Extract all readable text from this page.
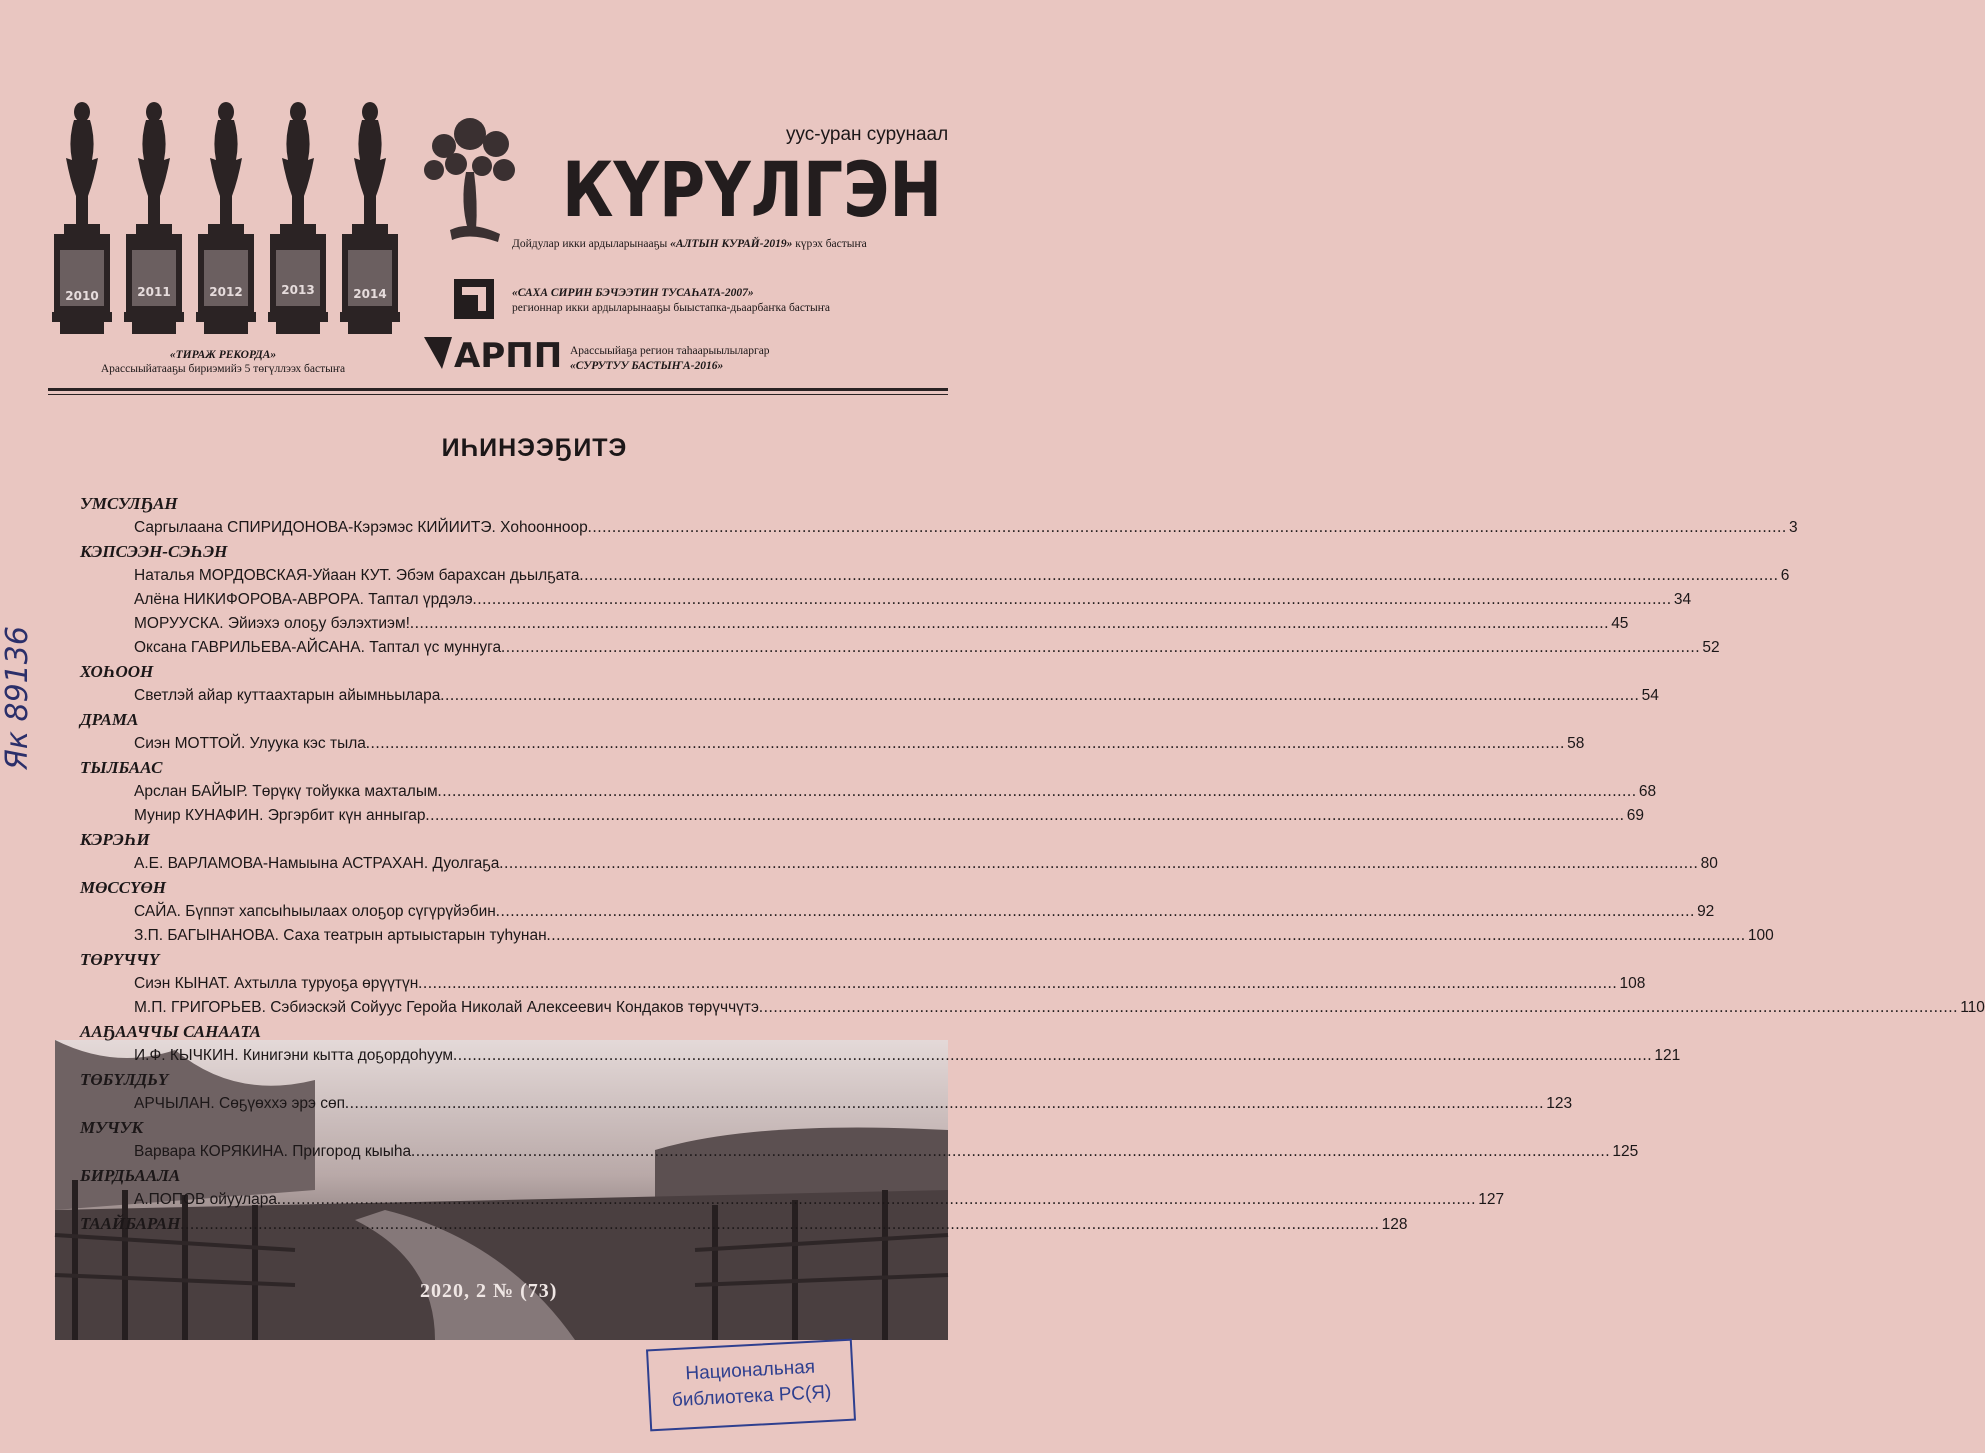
2010	2011	2012	2013	2014
«ТИРАЖ РЕКОРДА»
Арассыыйатааҕы бириэмийэ 5 төгүллээх бастыҥа
уус-уран сурунаал
КҮРҮЛГЭН
Дойдулар икки ардыларынааҕы «АЛТЫН КУРАЙ-2019» күрэх бастыҥа
«САХА СИРИН БЭЧЭЭТИН ТУСАҺАТА-2007»
регионнар икки ардыларынааҕы быыстапка-дьаарбаҥка бастыҥа
АРПП Арассыыйаҕа регион таһаарыылыларгар
«СУРУТУУ БАСТЫҤА-2016»
2020, 2 № (73)
ИҺИНЭЭҔИТЭ
УМСУЛҔАН
Саргылаана СПИРИДОНОВА-Кэрэмэс КИЙИИТЭ. Хоһоонноор .....	3
КЭПСЭЭН-СЭҺЭН
Наталья МОРДОВСКАЯ-Уйаан КУТ. Эбэм барахсан дьылҕата .....	6
Алёна НИКИФОРОВА-АВРОРА. Таптал үрдэлэ .....	34
МОРУУСКА. Эйиэхэ олоҕу бэлэхтиэм! .....	45
Оксана ГАВРИЛЬЕВА-АЙСАНА. Таптал үс муннуга .....	52
ХОҺООН
Светлэй айар куттаахтарын айымньылара .....	54
ДРАМА
Сиэн МОТТОЙ. Улуука кэс тыла .....	58
ТЫЛБААС
Арслан БАЙЫР. Төрүкү тойукка махталым .....	68
Мунир КУНАФИН. Эргэрбит күн анныгар .....	69
КЭРЭҺИ
А.Е. ВАРЛАМОВА-Намыына АСТРАХАН. Дуолгаҕа .....	80
МӨССҮӨН
САЙА. Бүппэт хапсыһыылаах олоҕор сүгүрүйэбин .....	92
З.П. БАГЫНАНОВА. Саха театрын артыыстарын туһунан .....	100
ТӨРҮЧЧҮ
Сиэн КЫНАТ. Ахтылла туруоҕа өрүүтүн .....	108
М.П. ГРИГОРЬЕВ. Сэбиэскэй Сойуус Геройа Николай Алексеевич Кондаков төрүччүтэ .....	110
ААҔААЧЧЫ САНААТА
И.Ф. КЫЧКИН. Кинигэни кытта доҕордоһуум .....	121
ТӨБҮЛДЬҮ
АРЧЫЛАН. Сөҕүөххэ эрэ сөп .....	123
МУЧУК
Варвара КОРЯКИНА. Пригород кыыһа .....	125
БИРДЬААЛА
А.ПОПОВ ойуулара .....	127
ТААЙБАРАН .....	128
Национальная
библиотека РС(Я)
Як 89136
